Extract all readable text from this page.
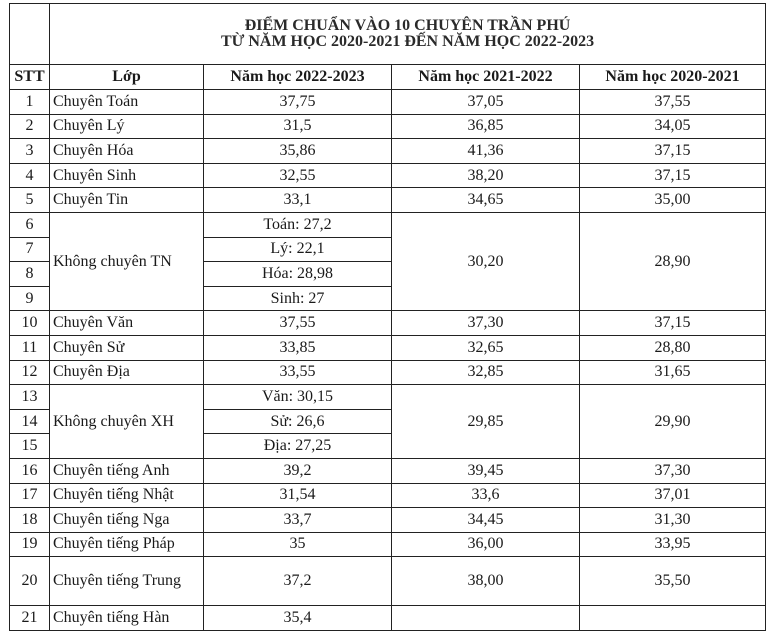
	ĐIỂM CHUẨN VÀO 10 CHUYÊN TRẦN PHÚ
TỪ NĂM HỌC 2020-2021 ĐẾN NĂM HỌC 2022-2023			

STT	Lớp	Năm học 2022-2023	Năm học 2021-2022	Năm học 2020-2021
1	Chuyên Toán	37,75	37,05	37,55
2	Chuyên Lý	31,5	36,85	34,05
3	Chuyên Hóa	35,86	41,36	37,15
4	Chuyên Sinh	32,55	38,20	37,15
5	Chuyên Tin	33,1	34,65	35,00
6	Không chuyên TN	Toán: 27,2	30,20	28,90
7		Lý: 22,1		
8		Hóa: 28,98		
9		Sinh: 27		
10	Chuyên Văn	37,55	37,30	37,15
11	Chuyên Sử	33,85	32,65	28,80
12	Chuyên Địa	33,55	32,85	31,65
13	Không chuyên XH	Văn: 30,15	29,85	29,90
14		Sử: 26,6		
15		Địa: 27,25		
16	Chuyên tiếng Anh	39,2	39,45	37,30
17	Chuyên tiếng Nhật	31,54	33,6	37,01
18	Chuyên tiếng Nga	33,7	34,45	31,30
19	Chuyên tiếng Pháp	35	36,00	33,95
20	Chuyên tiếng Trung	37,2	38,00	35,50
21	Chuyên tiếng Hàn	35,4		
